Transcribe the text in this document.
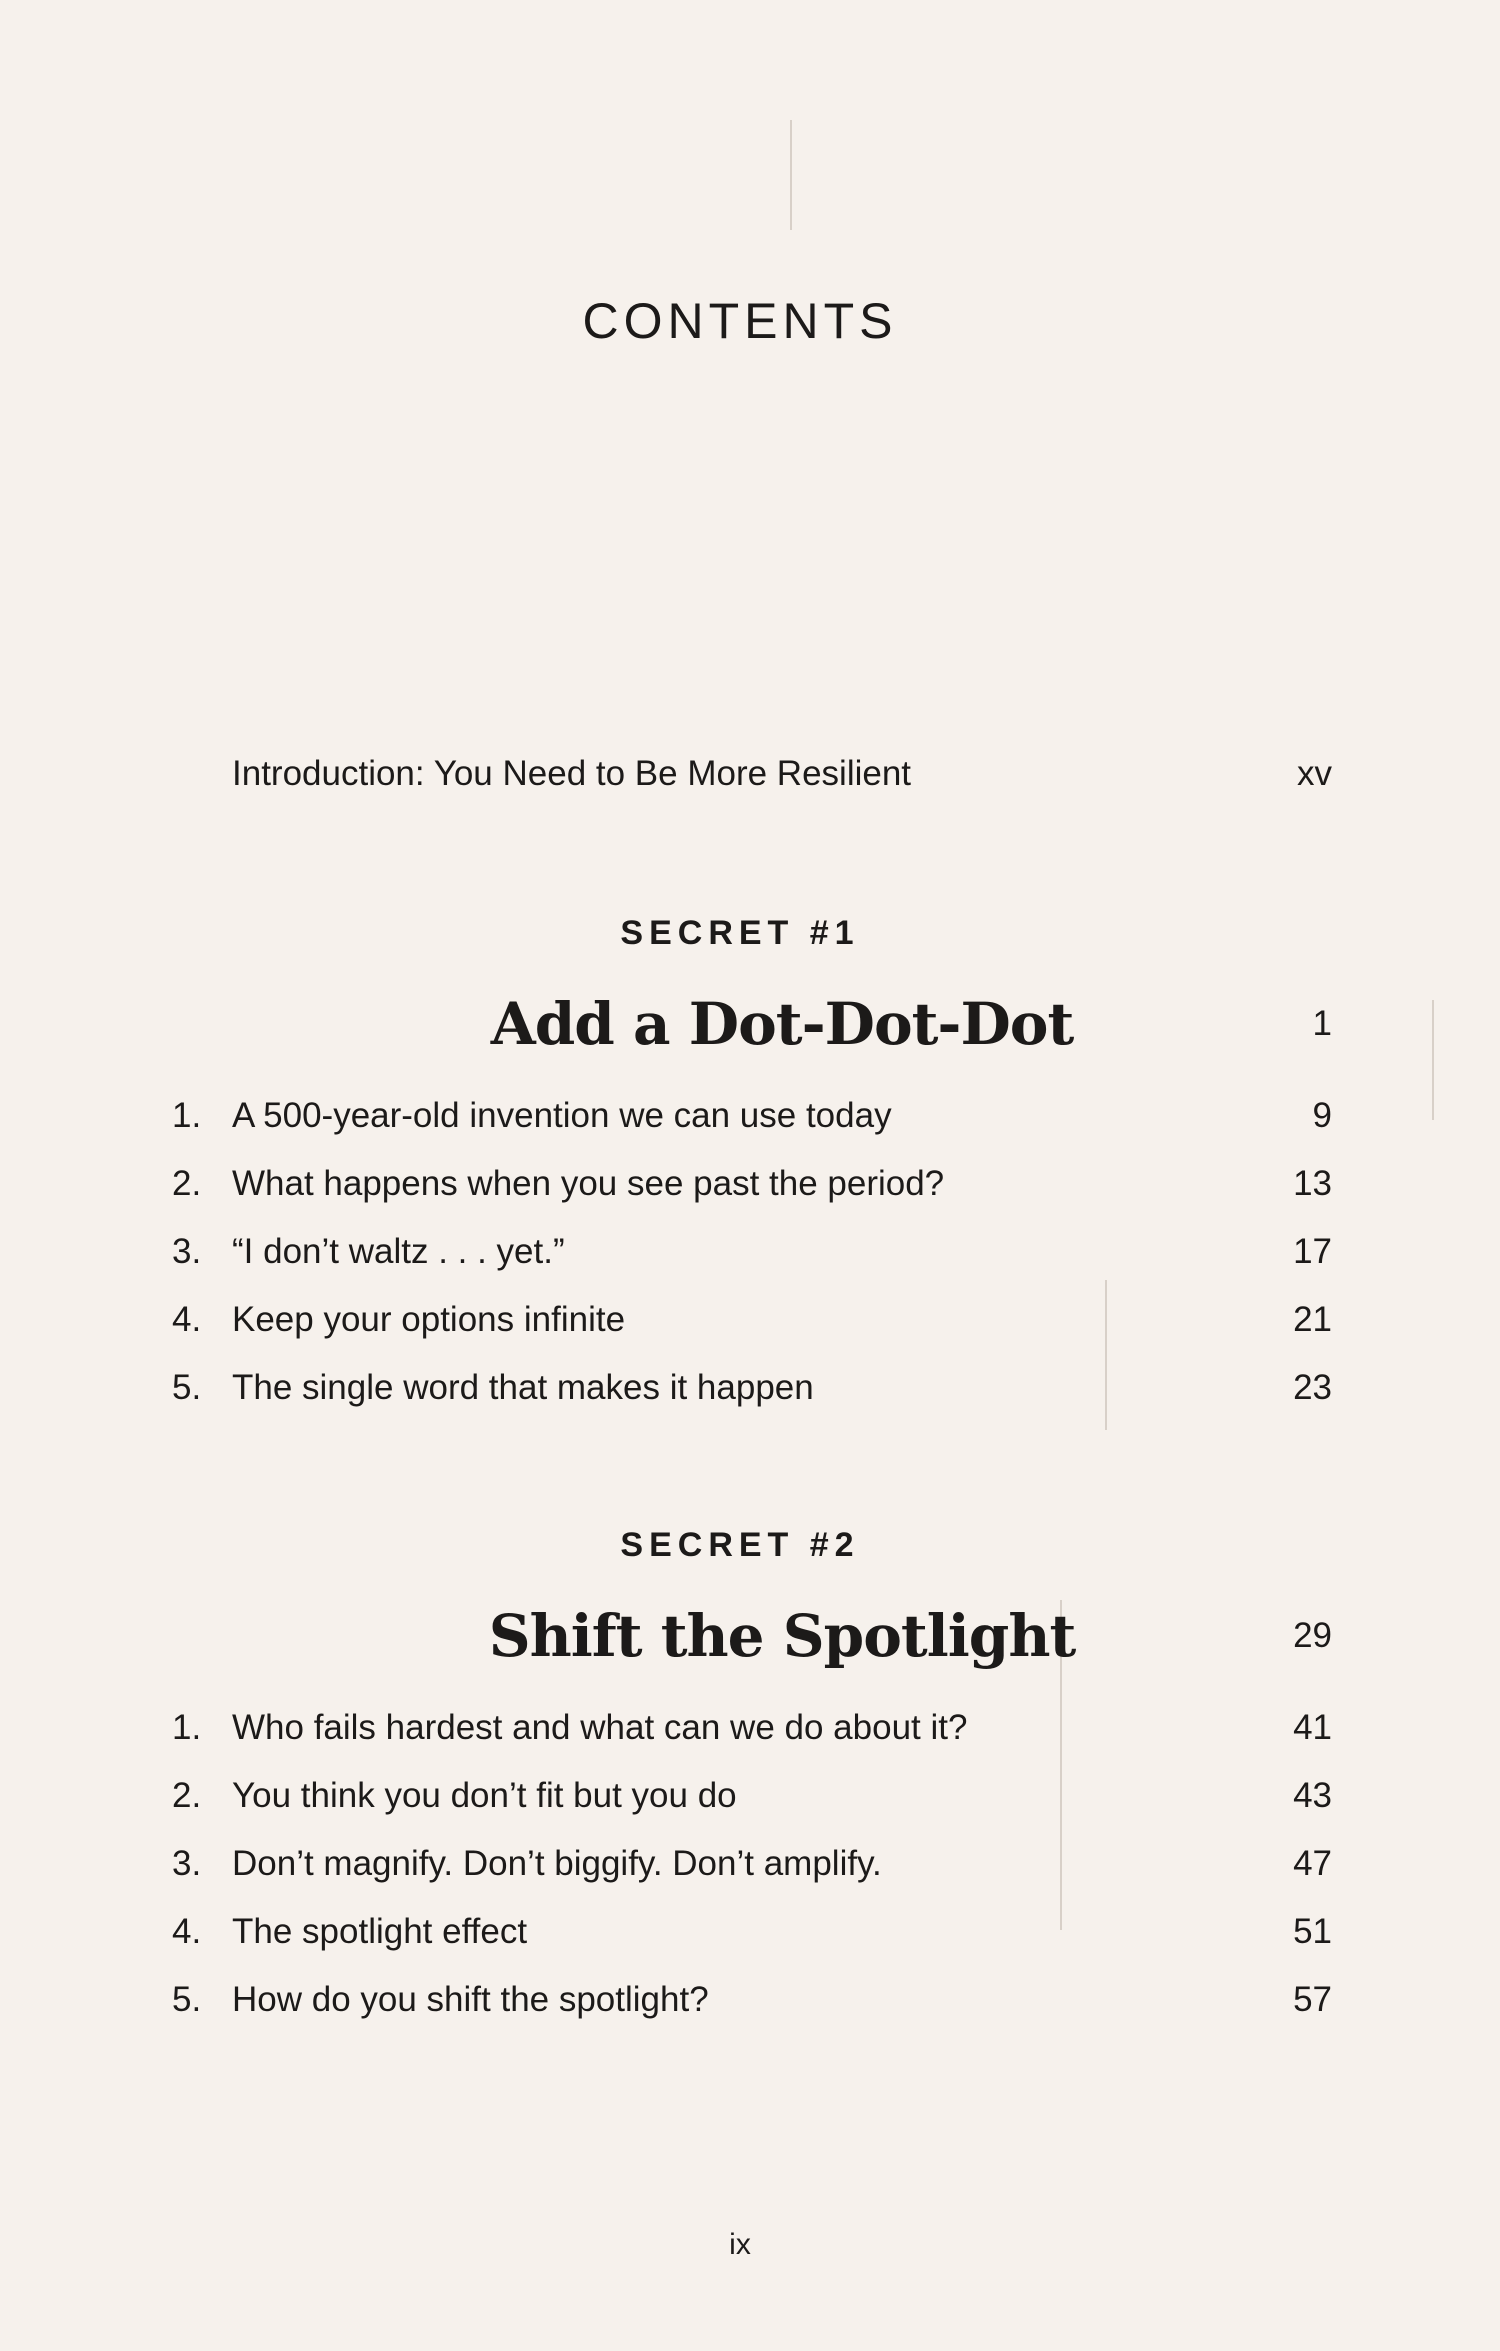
CONTENTS
Introduction: You Need to Be More Resilient	xv
SECRET #1
Add a Dot-Dot-Dot	1
1. A 500-year-old invention we can use today	9
2. What happens when you see past the period?	13
3. “I don’t waltz . . . yet.”	17
4. Keep your options infinite	21
5. The single word that makes it happen	23
SECRET #2
Shift the Spotlight	29
1. Who fails hardest and what can we do about it?	41
2. You think you don’t fit but you do	43
3. Don’t magnify. Don’t biggify. Don’t amplify.	47
4. The spotlight effect	51
5. How do you shift the spotlight?	57
ix
